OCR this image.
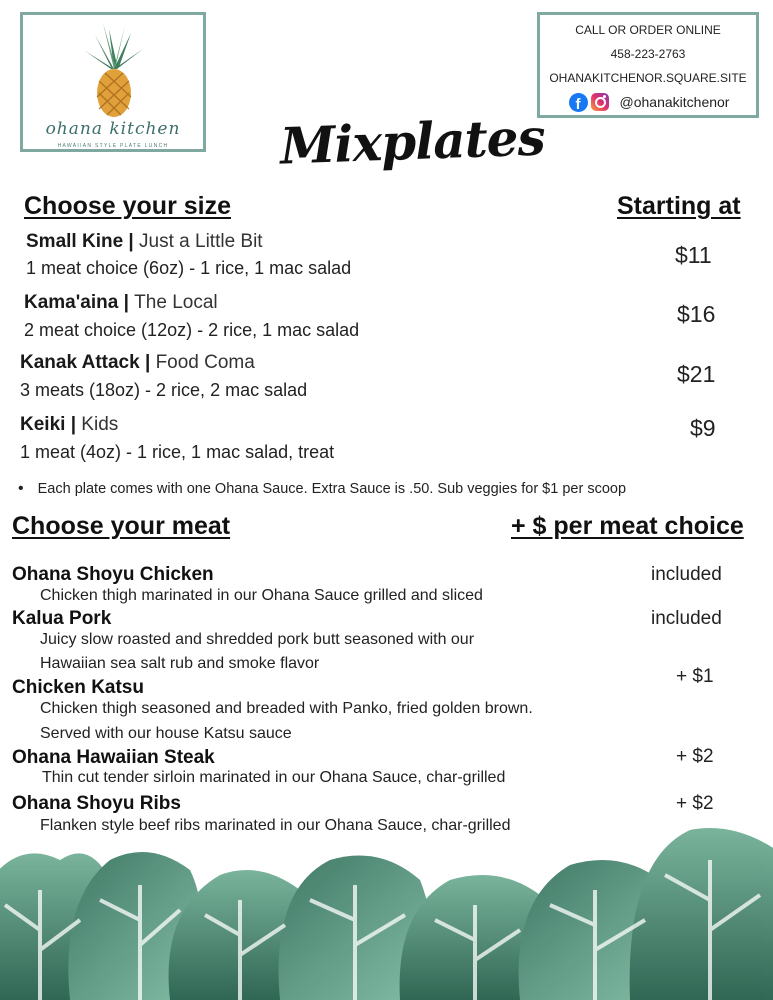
ohana kitchen
HAWAIIAN STYLE PLATE LUNCH
CALL OR ORDER ONLINE
458-223-2763
OHANAKITCHENOR.SQUARE.SITE
f	@ohanakitchenor
Mixplates
Choose your size	Starting at
Small Kine | Just a Little Bit
1 meat choice (6oz) - 1 rice, 1 mac salad	$11
Kama'aina | The Local
2 meat choice (12oz) - 2 rice, 1 mac salad
$16
Kanak Attack | Food Coma
3 meats (18oz) - 2 rice, 2 mac salad
$21
Keiki | Kids
1 meat (4oz) - 1 rice, 1 mac salad, treat
$9
• Each plate comes with one Ohana Sauce. Extra Sauce is .50. Sub veggies for $1 per scoop
Choose your meat	+ $ per meat choice
Ohana Shoyu Chicken
Chicken thigh marinated in our Ohana Sauce grilled and sliced
included
Kalua Pork
Juicy slow roasted and shredded pork butt seasoned with our
Hawaiian sea salt rub and smoke flavor
included
Chicken Katsu
Chicken thigh seasoned and breaded with Panko, fried golden brown.
Served with our house Katsu sauce
+ $1
Ohana Hawaiian Steak
Thin cut tender sirloin marinated in our Ohana Sauce, char-grilled
+ $2
Ohana Shoyu Ribs
Flanken style beef ribs marinated in our Ohana Sauce, char-grilled
+ $2
